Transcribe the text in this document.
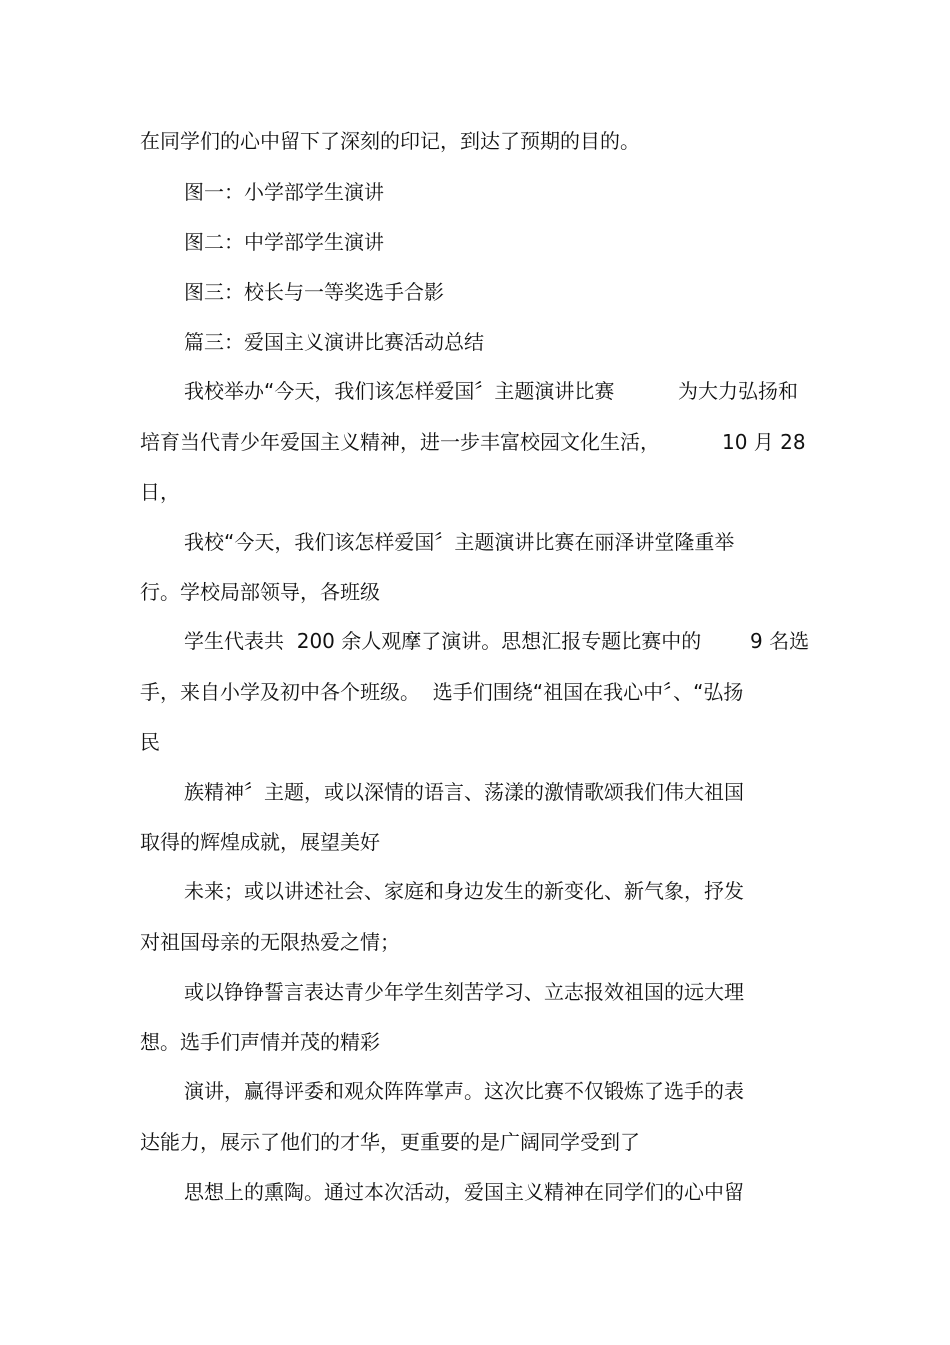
在同学们的心中留下了深刻的印记，到达了预期的目的。
图一：小学部学生演讲
图二：中学部学生演讲
图三：校长与一等奖选手合影
篇三：爱国主义演讲比赛活动总结
我校举办“今天，我们该怎样爱国〞主题演讲比赛	为大力弘扬和
培育当代青少年爱国主义精神，进一步丰富校园文化生活，	10 月 28
日，
我校“今天，我们该怎样爱国〞主题演讲比赛在丽泽讲堂隆重举
行。学校局部领导，各班级
学生代表共  200 余人观摩了演讲。思想汇报专题比赛中的 9 名选
手，来自小学及初中各个班级。  选手们围绕“祖国在我心中〞、“弘扬
民
族精神〞主题，或以深情的语言、荡漾的激情歌颂我们伟大祖国
取得的辉煌成就，展望美好
未来；或以讲述社会、家庭和身边发生的新变化、新气象，抒发
对祖国母亲的无限热爱之情；
或以铮铮誓言表达青少年学生刻苦学习、立志报效祖国的远大理
想。选手们声情并茂的精彩
演讲，赢得评委和观众阵阵掌声。这次比赛不仅锻炼了选手的表
达能力，展示了他们的才华，更重要的是广阔同学受到了
思想上的熏陶。通过本次活动，爱国主义精神在同学们的心中留
